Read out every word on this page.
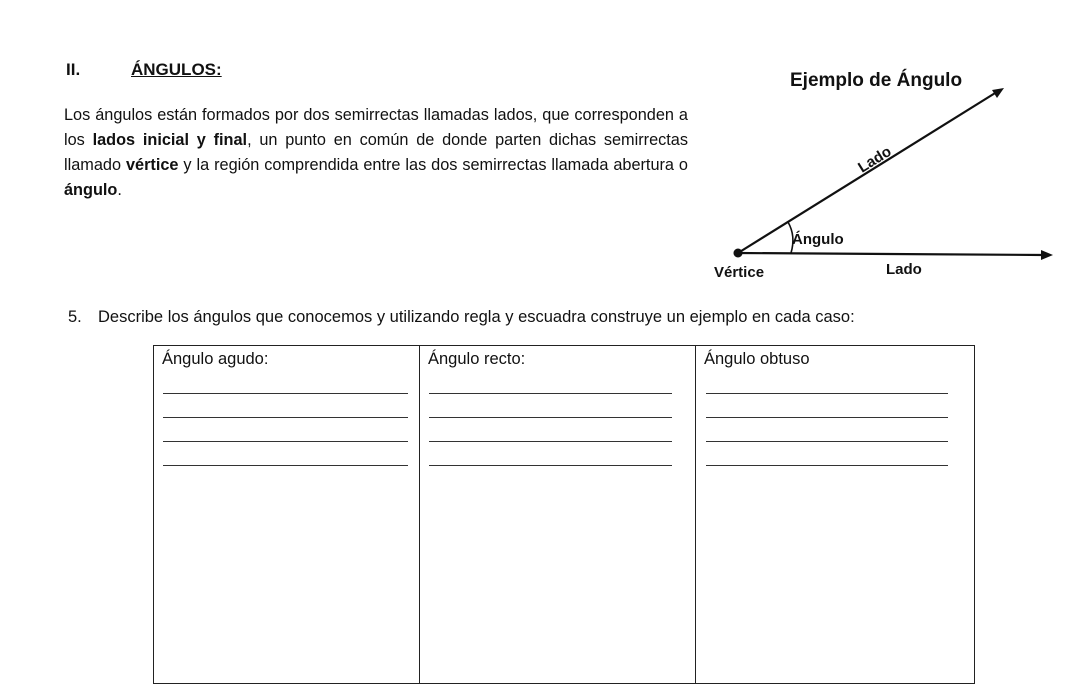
II.	ÁNGULOS:
Los ángulos están formados por dos semirrectas llamadas lados, que corresponden a los lados inicial y final, un punto en común de donde parten dichas semirrectas llamado vértice y la región comprendida entre las dos semirrectas llamada abertura o ángulo.
Ejemplo de Ángulo
Lado
Ángulo
Vértice	Lado
5. Describe los ángulos que conocemos y utilizando regla y escuadra construye un ejemplo en cada caso:
Ángulo agudo:	Ángulo recto:	Ángulo obtuso
